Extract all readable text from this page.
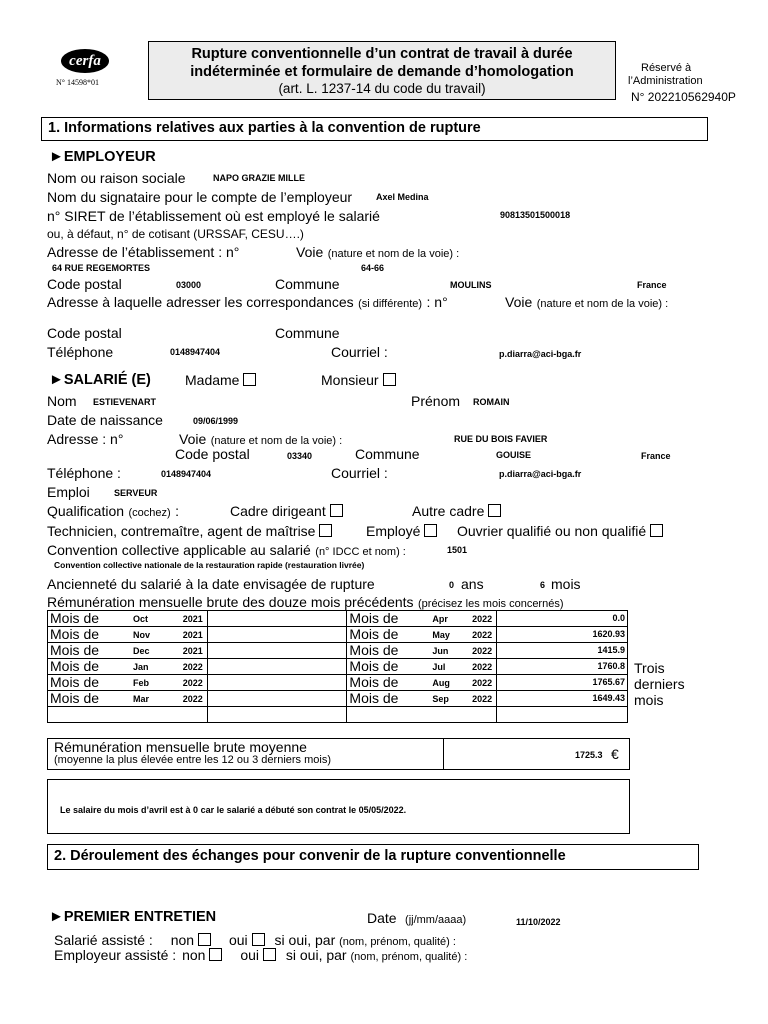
cerfa
N° 14598*01
Rupture conventionnelle d’un contrat de travail à durée
indéterminée et formulaire de demande d’homologation
(art. L. 1237-14 du code du travail)
Réservé à
l’Administration
N° 202210562940P
1. Informations relatives aux parties à la convention de rupture
►EMPLOYEUR
Nom ou raison sociale	NAPO GRAZIE MILLE
Nom du signataire pour le compte de l’employeur	Axel Medina
n° SIRET de l’établissement où est employé le salarié	90813501500018
ou, à défaut, n° de cotisant (URSSAF, CESU….)
Adresse de l’établissement : n°	Voie (nature et nom de la voie) :
64 RUE REGEMORTES	64-66
Code postal	03000	Commune	MOULINS	France
Adresse à laquelle adresser les correspondances (si différente) : n°	Voie (nature et nom de la voie) :
Code postal	Commune
Téléphone	0148947404	Courriel :	p.diarra@aci-bga.fr
►SALARIÉ (E) Madame	Monsieur
Nom ESTIEVENART	Prénom ROMAIN
Date de naissance	09/06/1999
Adresse : n°	Voie (nature et nom de la voie) :	RUE DU BOIS FAVIER
Code postal	03340	Commune	GOUISE	France
Téléphone :	0148947404	Courriel :	p.diarra@aci-bga.fr
Emploi	SERVEUR
Qualification (cochez) :	Cadre dirigeant	Autre cadre
Technicien, contremaître, agent de maîtrise	Employé	Ouvrier qualifié ou non qualifié
Convention collective applicable au salarié (n° IDCC et nom) :	1501
Convention collective nationale de la restauration rapide (restauration livrée)
Ancienneté du salarié à la date envisagée de rupture	0 ans	6 mois
Rémunération mensuelle brute des douze mois précédents (précisez les mois concernés)
Mois de Oct 2021		Mois de Apr 2022	0.0
Mois de Nov 2021		Mois de May 2022	1620.93
Mois de Dec 2021		Mois de Jun 2022	1415.9
Mois de Jan 2022		Mois de Jul 2022	1760.8
Mois de Feb 2022		Mois de Aug 2022	1765.67
Mois de Mar 2022		Mois de Sep 2022	1649.43

Trois
derniers
mois
Rémunération mensuelle brute moyenne
(moyenne la plus élevée entre les 12 ou 3 derniers mois)	1725.3 €
Le salaire du mois d’avril est à 0 car le salarié a débuté son contrat le 05/05/2022.
2. Déroulement des échanges pour convenir de la rupture conventionnelle
►PREMIER ENTRETIEN	Date (jj/mm/aaaa)	11/10/2022
Salarié assisté : non oui si oui, par (nom, prénom, qualité) :
Employeur assisté : non oui si oui, par (nom, prénom, qualité) :
